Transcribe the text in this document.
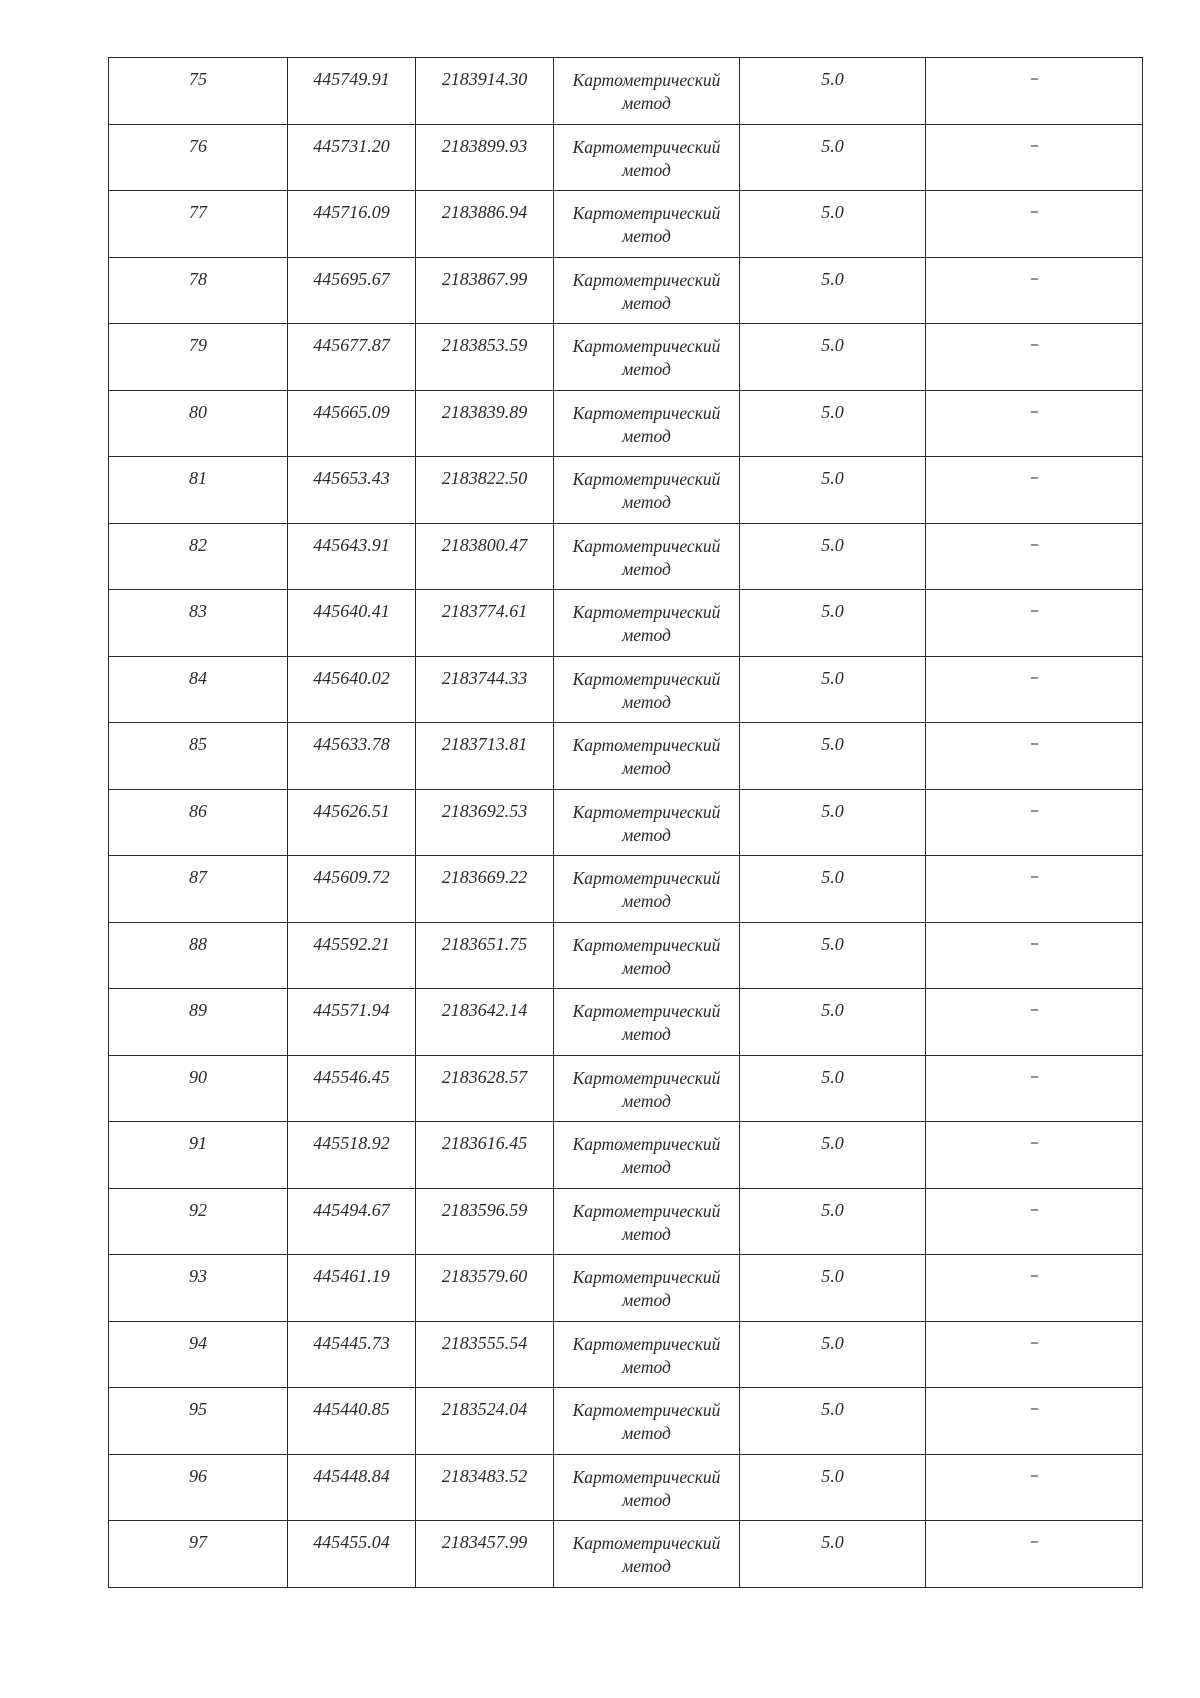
75	445749.91	2183914.30	Картометрический
метод	5.0	--

76	445731.20	2183899.93	Картометрический
метод	5.0	--

77	445716.09	2183886.94	Картометрический
метод	5.0	--

78	445695.67	2183867.99	Картометрический
метод	5.0	--

79	445677.87	2183853.59	Картометрический
метод	5.0	--

80	445665.09	2183839.89	Картометрический
метод	5.0	--

81	445653.43	2183822.50	Картометрический
метод	5.0	--

82	445643.91	2183800.47	Картометрический
метод	5.0	--

83	445640.41	2183774.61	Картометрический
метод	5.0	--

84	445640.02	2183744.33	Картометрический
метод	5.0	--

85	445633.78	2183713.81	Картометрический
метод	5.0	--

86	445626.51	2183692.53	Картометрический
метод	5.0	--

87	445609.72	2183669.22	Картометрический
метод	5.0	--

88	445592.21	2183651.75	Картометрический
метод	5.0	--

89	445571.94	2183642.14	Картометрический
метод	5.0	--

90	445546.45	2183628.57	Картометрический
метод	5.0	--

91	445518.92	2183616.45	Картометрический
метод	5.0	--

92	445494.67	2183596.59	Картометрический
метод	5.0	--

93	445461.19	2183579.60	Картометрический
метод	5.0	--

94	445445.73	2183555.54	Картометрический
метод	5.0	--

95	445440.85	2183524.04	Картометрический
метод	5.0	--

96	445448.84	2183483.52	Картометрический
метод	5.0	--

97	445455.04	2183457.99	Картометрический
метод	5.0	--
